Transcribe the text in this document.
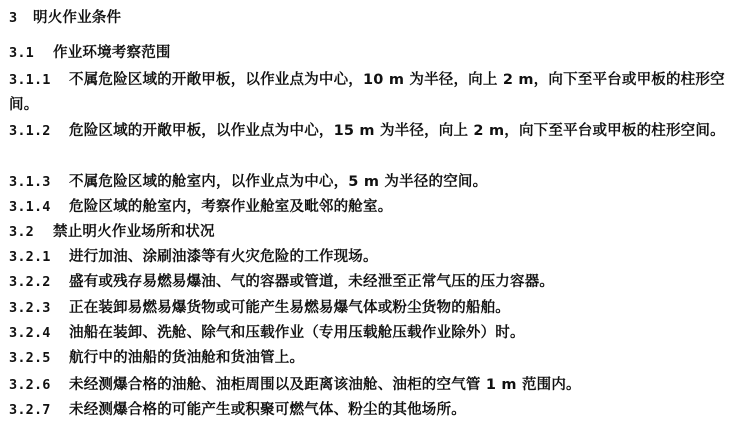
3 明火作业条件
3.1 作业环境考察范围
3.1.1 不属危险区域的开敞甲板，以作业点为中心，10 m 为半径，向上 2 m，向下至平台或甲板的柱形空间。
3.1.2 危险区域的开敞甲板，以作业点为中心，15 m 为半径，向上 2 m，向下至平台或甲板的柱形空间。
3.1.3 不属危险区域的舱室内，以作业点为中心，5 m 为半径的空间。
3.1.4 危险区域的舱室内，考察作业舱室及毗邻的舱室。
3.2 禁止明火作业场所和状况
3.2.1 进行加油、涂刷油漆等有火灾危险的工作现场。
3.2.2 盛有或残存易燃易爆油、气的容器或管道，未经泄至正常气压的压力容器。
3.2.3 正在装卸易燃易爆货物或可能产生易燃易爆气体或粉尘货物的船舶。
3.2.4 油船在装卸、洗舱、除气和压载作业（专用压载舱压载作业除外）时。
3.2.5 航行中的油船的货油舱和货油管上。
3.2.6 未经测爆合格的油舱、油柜周围以及距离该油舱、油柜的空气管 1 m 范围内。
3.2.7 未经测爆合格的可能产生或积聚可燃气体、粉尘的其他场所。
